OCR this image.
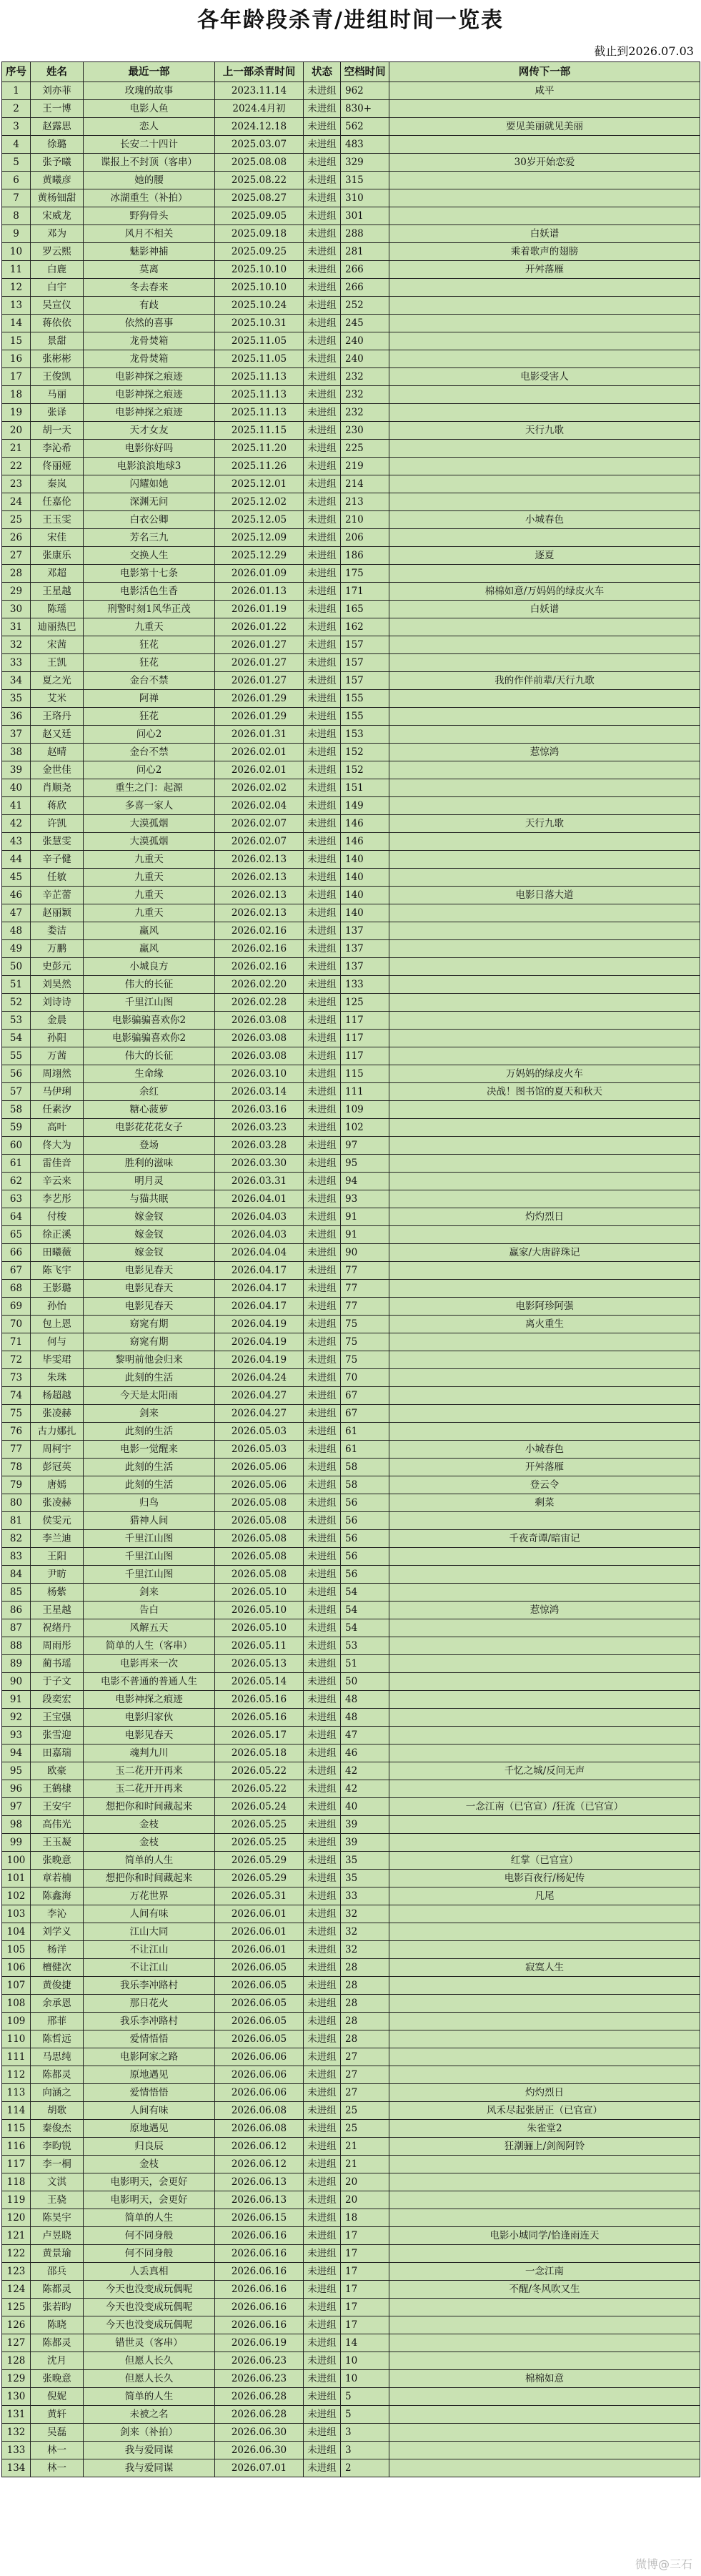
各年龄段杀青/进组时间一览表
截止到2026.07.03
序号	姓名	最近一部	上一部杀青时间	状态	空档时间	网传下一部
1	刘亦菲	玫瑰的故事	2023.11.14	未进组	962	咸平
2	王一博	电影人鱼	2024.4月初	未进组	830+	
3	赵露思	恋人	2024.12.18	未进组	562	要见美丽就见美丽
4	徐璐	长安二十四计	2025.03.07	未进组	483	
5	张予曦	谍报上不封顶（客串）	2025.08.08	未进组	329	30岁开始恋爱
6	黄曦彦	她的腰	2025.08.22	未进组	315	
7	黄杨钿甜	冰湖重生（补拍）	2025.08.27	未进组	310	
8	宋威龙	野狗骨头	2025.09.05	未进组	301	
9	邓为	风月不相关	2025.09.18	未进组	288	白妖谱
10	罗云熙	魅影神捕	2025.09.25	未进组	281	乘着歌声的翅膀
11	白鹿	莫离	2025.10.10	未进组	266	开舛落雁
12	白宇	冬去春来	2025.10.10	未进组	266	
13	吴宣仪	有歧	2025.10.24	未进组	252	
14	蒋依依	依然的喜事	2025.10.31	未进组	245	
15	景甜	龙骨焚箱	2025.11.05	未进组	240	
16	张彬彬	龙骨焚箱	2025.11.05	未进组	240	
17	王俊凯	电影神探之痕迹	2025.11.13	未进组	232	电影受害人
18	马丽	电影神探之痕迹	2025.11.13	未进组	232	
19	张译	电影神探之痕迹	2025.11.13	未进组	232	
20	胡一天	天才女友	2025.11.15	未进组	230	天行九歌
21	李沁希	电影你好吗	2025.11.20	未进组	225	
22	佟丽娅	电影浪浪地球3	2025.11.26	未进组	219	
23	秦岚	闪耀如她	2025.12.01	未进组	214	
24	任嘉伦	深渊无问	2025.12.02	未进组	213	
25	王玉雯	白衣公卿	2025.12.05	未进组	210	小城春色
26	宋佳	芳名三九	2025.12.09	未进组	206	
27	张康乐	交换人生	2025.12.29	未进组	186	逐夏
28	邓超	电影第十七条	2026.01.09	未进组	175	
29	王星越	电影活色生香	2026.01.13	未进组	171	棉棉如意/万妈妈的绿皮火车
30	陈瑶	刑警时刻1风华正茂	2026.01.19	未进组	165	白妖谱
31	迪丽热巴	九重天	2026.01.22	未进组	162	
32	宋茜	狂花	2026.01.27	未进组	157	
33	王凯	狂花	2026.01.27	未进组	157	
34	夏之光	金台不禁	2026.01.27	未进组	157	我的作伴前辈/天行九歌
35	艾米	阿禅	2026.01.29	未进组	155	
36	王珞丹	狂花	2026.01.29	未进组	155	
37	赵又廷	问心2	2026.01.31	未进组	153	
38	赵晴	金台不禁	2026.02.01	未进组	152	惹惊鸿
39	金世佳	问心2	2026.02.01	未进组	152	
40	肖顺尧	重生之门：起源	2026.02.02	未进组	151	
41	蒋欣	多喜一家人	2026.02.04	未进组	149	
42	许凯	大漠孤烟	2026.02.07	未进组	146	天行九歌
43	张慧雯	大漠孤烟	2026.02.07	未进组	146	
44	辛子健	九重天	2026.02.13	未进组	140	
45	任敏	九重天	2026.02.13	未进组	140	
46	辛芷蕾	九重天	2026.02.13	未进组	140	电影日落大道
47	赵丽颖	九重天	2026.02.13	未进组	140	
48	娄洁	赢风	2026.02.16	未进组	137	
49	万鹏	赢风	2026.02.16	未进组	137	
50	史彭元	小城良方	2026.02.16	未进组	137	
51	刘昊然	伟大的长征	2026.02.20	未进组	133	
52	刘诗诗	千里江山图	2026.02.28	未进组	125	
53	金晨	电影骗骗喜欢你2	2026.03.08	未进组	117	
54	孙阳	电影骗骗喜欢你2	2026.03.08	未进组	117	
55	万茜	伟大的长征	2026.03.08	未进组	117	
56	周翊然	生命缘	2026.03.10	未进组	115	万妈妈的绿皮火车
57	马伊琍	余红	2026.03.14	未进组	111	决战！图书馆的夏天和秋天
58	任素汐	糖心菠萝	2026.03.16	未进组	109	
59	高叶	电影花花花女子	2026.03.23	未进组	102	
60	佟大为	登场	2026.03.28	未进组	97	
61	雷佳音	胜利的滋味	2026.03.30	未进组	95	
62	辛云来	明月灵	2026.03.31	未进组	94	
63	李艺彤	与猫共眠	2026.04.01	未进组	93	
64	付梭	嫁金钗	2026.04.03	未进组	91	灼灼烈日
65	徐正溪	嫁金钗	2026.04.03	未进组	91	
66	田曦薇	嫁金钗	2026.04.04	未进组	90	赢家/大唐辟珠记
67	陈飞宇	电影见春天	2026.04.17	未进组	77	
68	王影璐	电影见春天	2026.04.17	未进组	77	
69	孙怡	电影见春天	2026.04.17	未进组	77	电影阿珍阿强
70	包上恩	窈窕有期	2026.04.19	未进组	75	离火重生
71	何与	窈窕有期	2026.04.19	未进组	75	
72	毕雯珺	黎明前他会归来	2026.04.19	未进组	75	
73	朱珠	此刻的生活	2026.04.24	未进组	70	
74	杨超越	今天是太阳雨	2026.04.27	未进组	67	
75	张凌赫	剑来	2026.04.27	未进组	67	
76	古力娜扎	此刻的生活	2026.05.03	未进组	61	
77	周柯宇	电影一觉醒来	2026.05.03	未进组	61	小城春色
78	彭冠英	此刻的生活	2026.05.06	未进组	58	开舛落雁
79	唐嫣	此刻的生活	2026.05.06	未进组	58	登云令
80	张凌赫	归鸟	2026.05.08	未进组	56	剩菜
81	侯雯元	猎神人间	2026.05.08	未进组	56	
82	李兰迪	千里江山图	2026.05.08	未进组	56	千夜奇谭/暗宙记
83	王阳	千里江山图	2026.05.08	未进组	56	
84	尹昉	千里江山图	2026.05.08	未进组	56	
85	杨紫	剑来	2026.05.10	未进组	54	
86	王星越	告白	2026.05.10	未进组	54	惹惊鸿
87	祝绪丹	风解五天	2026.05.10	未进组	54	
88	周雨彤	简单的人生（客串）	2026.05.11	未进组	53	
89	蔺书瑶	电影再来一次	2026.05.13	未进组	51	
90	于子文	电影不普通的普通人生	2026.05.14	未进组	50	
91	段奕宏	电影神探之痕迹	2026.05.16	未进组	48	
92	王宝强	电影归家伙	2026.05.16	未进组	48	
93	张雪迎	电影见春天	2026.05.17	未进组	47	
94	田嘉瑞	魂判九川	2026.05.18	未进组	46	
95	欧豪	玉二花开开再来	2026.05.22	未进组	42	千忆之城/反问无声
96	王鹤棣	玉二花开开再来	2026.05.22	未进组	42	
97	王安宇	想把你和时间藏起来	2026.05.24	未进组	40	一念江南（已官宣）/狂流（已官宣）
98	高伟光	金枝	2026.05.25	未进组	39	
99	王玉凝	金枝	2026.05.25	未进组	39	
100	张晚意	简单的人生	2026.05.29	未进组	35	红掌（已官宣）
101	章若楠	想把你和时间藏起来	2026.05.29	未进组	35	电影百夜行/杨妃传
102	陈鑫海	万花世界	2026.05.31	未进组	33	凡尾
103	李沁	人间有味	2026.06.01	未进组	32	
104	刘学义	江山大同	2026.06.01	未进组	32	
105	杨洋	不让江山	2026.06.01	未进组	32	
106	檀健次	不让江山	2026.06.05	未进组	28	寂寞人生
107	黄俊捷	我乐李冲路村	2026.06.05	未进组	28	
108	余承恩	那日花火	2026.06.05	未进组	28	
109	邢菲	我乐李冲路村	2026.06.05	未进组	28	
110	陈哲远	爱情悟悟	2026.06.05	未进组	28	
111	马思纯	电影阿家之路	2026.06.06	未进组	27	
112	陈都灵	原地遇见	2026.06.06	未进组	27	
113	向涵之	爱情悟悟	2026.06.06	未进组	27	灼灼烈日
114	胡歌	人间有味	2026.06.08	未进组	25	风禾尽起张居正（已官宣）
115	秦俊杰	原地遇见	2026.06.08	未进组	25	朱雀堂2
116	李昀锐	归良辰	2026.06.12	未进组	21	狂潮骊上/剑阁阿铃
117	李一桐	金枝	2026.06.12	未进组	21	
118	文淇	电影明天，会更好	2026.06.13	未进组	20	
119	王骁	电影明天，会更好	2026.06.13	未进组	20	
120	陈昊宇	简单的人生	2026.06.15	未进组	18	
121	卢昱晓	何不同身般	2026.06.16	未进组	17	电影小城同学/恰逢雨连天
122	黄景瑜	何不同身般	2026.06.16	未进组	17	
123	邵兵	人丢真相	2026.06.16	未进组	17	一念江南
124	陈都灵	今天也没变成玩偶呢	2026.06.16	未进组	17	不醒/冬风吹又生
125	张若昀	今天也没变成玩偶呢	2026.06.16	未进组	17	
126	陈晓	今天也没变成玩偶呢	2026.06.16	未进组	17	
127	陈都灵	错世灵（客串）	2026.06.19	未进组	14	
128	沈月	但愿人长久	2026.06.23	未进组	10	
129	张晚意	但愿人长久	2026.06.23	未进组	10	棉棉如意
130	倪妮	简单的人生	2026.06.28	未进组	5	
131	黄轩	未被之名	2026.06.28	未进组	5	
132	吴磊	剑来（补拍）	2026.06.30	未进组	3	
133	林一	我与爱同谋	2026.06.30	未进组	3	
134	林一	我与爱同谋	2026.07.01	未进组	2	
微博@三石
